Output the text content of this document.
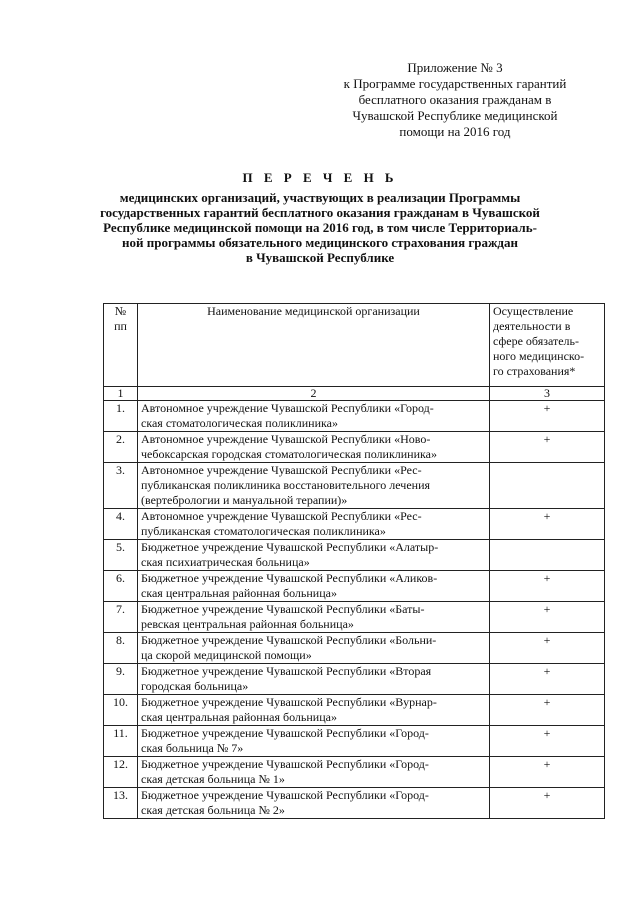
Приложение № 3
к Программе государственных гарантий
бесплатного оказания гражданам в
Чувашской Республике медицинской
помощи на 2016 год
П Е Р Е Ч Е Н Ь
медицинских организаций, участвующих в реализации Программы
государственных гарантий бесплатного оказания гражданам в Чувашской
Республике медицинской помощи на 2016 год, в том числе Территориаль-
ной программы обязательного медицинского страхования граждан
в Чувашской Республике
№
пп	Наименование медицинской организации	Осуществление
деятельности в
сфере обязатель-
ного медицинско-
го страхования*

1	2	3
1.	Автономное учреждение Чувашской Республики «Город-
ская стоматологическая поликлиника»	+
2.	Автономное учреждение Чувашской Республики «Ново-
чебоксарская городская стоматологическая поликлиника»	+
3.	Автономное учреждение Чувашской Республики «Рес-
публиканская поликлиника восстановительного лечения
(вертебрологии и мануальной терапии)»	

4.	Автономное учреждение Чувашской Республики «Рес-
публиканская стоматологическая поликлиника»	+
5.	Бюджетное учреждение Чувашской Республики «Алатыр-
ская психиатрическая больница»	

6.	Бюджетное учреждение Чувашской Республики «Аликов-
ская центральная районная больница»	+
7.	Бюджетное учреждение Чувашской Республики «Баты-
ревская центральная районная больница»	+
8.	Бюджетное учреждение Чувашской Республики «Больни-
ца скорой медицинской помощи»	+
9.	Бюджетное учреждение Чувашской Республики «Вторая
городская больница»	+
10.	Бюджетное учреждение Чувашской Республики «Вурнар-
ская центральная районная больница»	+
11.	Бюджетное учреждение Чувашской Республики «Город-
ская больница № 7»	+
12.	Бюджетное учреждение Чувашской Республики «Город-
ская детская больница № 1»	+
13.	Бюджетное учреждение Чувашской Республики «Город-
ская детская больница № 2»	+
